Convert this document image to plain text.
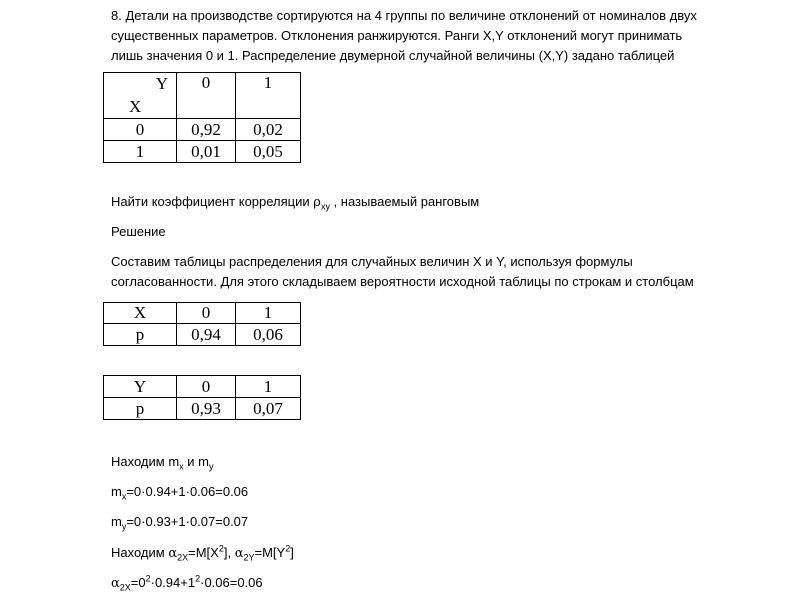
8. Детали на производстве сортируются на 4 группы по величине отклонений от номиналов двух
существенных параметров. Отклонения ранжируются. Ранги X,Y отклонений могут принимать
лишь значения 0 и 1. Распределение двумерной случайной величины (X,Y) задано таблицей
Y
X	0	1
0	0,92	0,02
1	0,01	0,05
Найти коэффициент корреляции $\rho_{xy}$ , называемый ранговым
Решение
Составим таблицы распределения для случайных величин X и Y, используя формулы
согласованности. Для этого складываем вероятности исходной таблицы по строкам и столбцам
X	0	1
p	0,94	0,06
Y	0	1
p	0,93	0,07
Находим $m_x$ и $m_y$
$m_x=0\cdot 0.94+1\cdot 0.06=0.06$
$m_y=0\cdot 0.93+1\cdot 0.07=0.07$
Находим $\alpha_{2X}=M[X^2]$, $\alpha_{2Y}=M[Y^2]$
$\alpha_{2X}=0^2\cdot 0.94+1^2\cdot 0.06=0.06$
